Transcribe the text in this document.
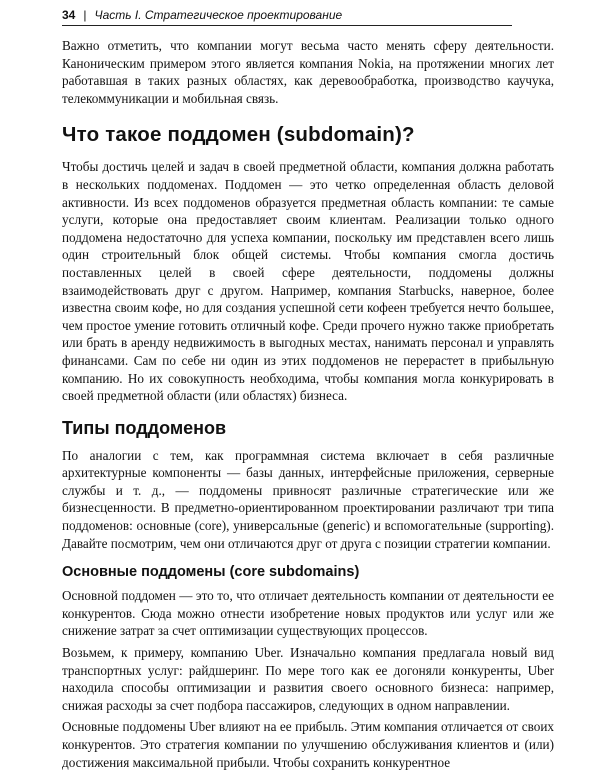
34 | Часть I. Стратегическое проектирование

Важно отметить, что компании могут весьма часто менять сферу деятельности. Каноническим примером этого является компания Nokia, на протяжении многих лет работавшая в таких разных областях, как деревообработка, производство каучука, телекоммуникации и мобильная связь.

Что такое поддомен (subdomain)?

Чтобы достичь целей и задач в своей предметной области, компания должна работать в нескольких поддоменах. Поддомен — это четко определенная область деловой активности. Из всех поддоменов образуется предметная область компании: те самые услуги, которые она предоставляет своим клиентам. Реализации только одного поддомена недостаточно для успеха компании, поскольку им представлен всего лишь один строительный блок общей системы. Чтобы компания смогла достичь поставленных целей в своей сфере деятельности, поддомены должны взаимодействовать друг с другом. Например, компания Starbucks, наверное, более известна своим кофе, но для создания успешной сети кофеен требуется нечто большее, чем простое умение готовить отличный кофе. Среди прочего нужно также приобретать или брать в аренду недвижимость в выгодных местах, нанимать персонал и управлять финансами. Сам по себе ни один из этих поддоменов не перерастет в прибыльную компанию. Но их совокупность необходима, чтобы компания могла конкурировать в своей предметной области (или областях) бизнеса.

Типы поддоменов

По аналогии с тем, как программная система включает в себя различные архитектурные компоненты — базы данных, интерфейсные приложения, серверные службы и т. д., — поддомены привносят различные стратегические или же бизнесценности. В предметно-ориентированном проектировании различают три типа поддоменов: основные (core), универсальные (generic) и вспомогательные (supporting). Давайте посмотрим, чем они отличаются друг от друга с позиции стратегии компании.

Основные поддомены (core subdomains)

Основной поддомен — это то, что отличает деятельность компании от деятельности ее конкурентов. Сюда можно отнести изобретение новых продуктов или услуг или же снижение затрат за счет оптимизации существующих процессов.

Возьмем, к примеру, компанию Uber. Изначально компания предлагала новый вид транспортных услуг: райдшеринг. По мере того как ее догоняли конкуренты, Uber находила способы оптимизации и развития своего основного бизнеса: например, снижая расходы за счет подбора пассажиров, следующих в одном направлении.

Основные поддомены Uber влияют на ее прибыль. Этим компания отличается от своих конкурентов. Это стратегия компании по улучшению обслуживания клиентов и (или) достижения максимальной прибыли. Чтобы сохранить конкурентное
